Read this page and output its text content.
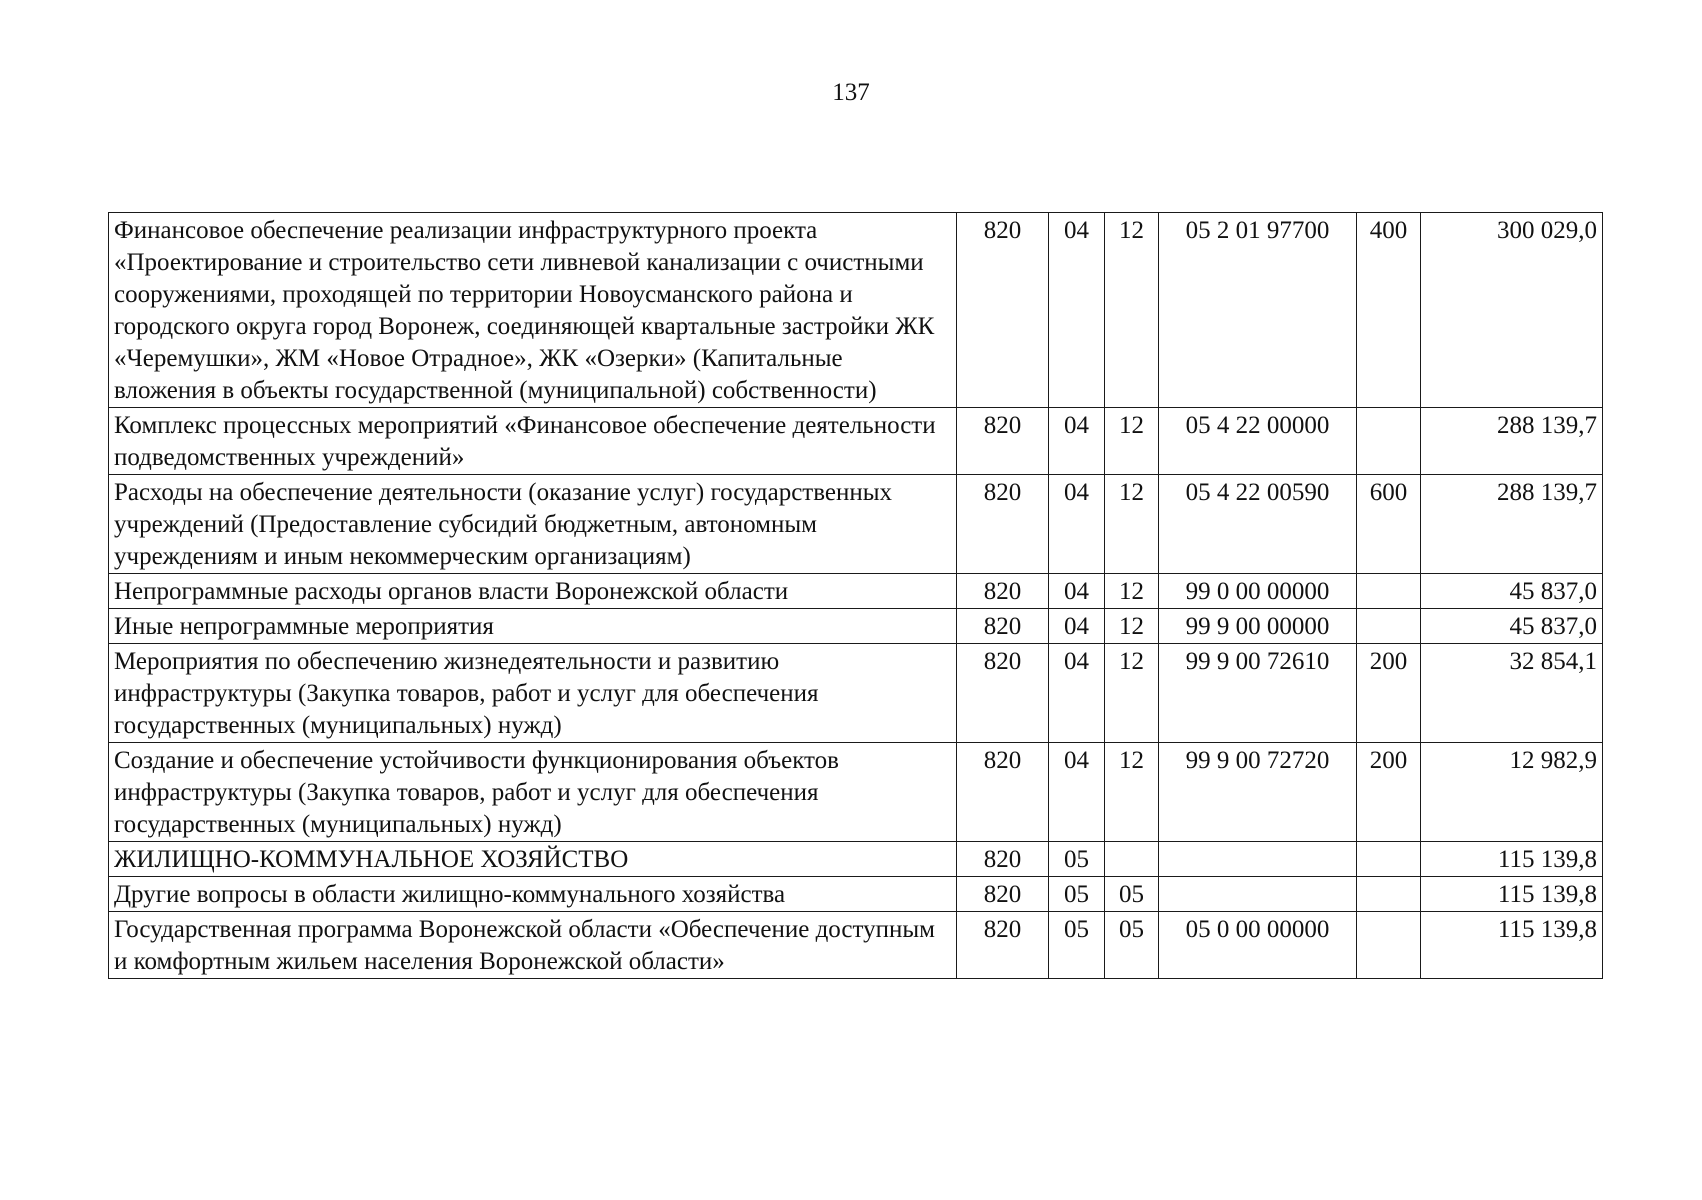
137
Финансовое обеспечение реализации инфраструктурного проекта «Проектирование и строительство сети ливневой канализации с очистными сооружениями, проходящей по территории Новоусманского района и городского округа город Воронеж, соединяющей квартальные застройки ЖК «Черемушки», ЖМ «Новое Отрадное», ЖК «Озерки» (Капитальные вложения в объекты государственной (муниципальной) собственности)	820	04	12	05 2 01 97700	400	300 029,0
Комплекс процессных мероприятий «Финансовое обеспечение деятельности подведомственных учреждений»	820	04	12	05 4 22 00000		288 139,7
Расходы на обеспечение деятельности (оказание услуг) государственных учреждений (Предоставление субсидий бюджетным, автономным учреждениям и иным некоммерческим организациям)	820	04	12	05 4 22 00590	600	288 139,7
Непрограммные расходы органов власти Воронежской области	820	04	12	99 0 00 00000		45 837,0
Иные непрограммные мероприятия	820	04	12	99 9 00 00000		45 837,0
Мероприятия по обеспечению жизнедеятельности и развитию инфраструктуры (Закупка товаров, работ и услуг для обеспечения государственных (муниципальных) нужд)	820	04	12	99 9 00 72610	200	32 854,1
Создание и обеспечение устойчивости функционирования объектов инфраструктуры (Закупка товаров, работ и услуг для обеспечения государственных (муниципальных) нужд)	820	04	12	99 9 00 72720	200	12 982,9
ЖИЛИЩНО-КОММУНАЛЬНОЕ ХОЗЯЙСТВО	820	05				115 139,8
Другие вопросы в области жилищно-коммунального хозяйства	820	05	05			115 139,8
Государственная программа Воронежской области «Обеспечение доступным и комфортным жильем населения Воронежской области»	820	05	05	05 0 00 00000		115 139,8
